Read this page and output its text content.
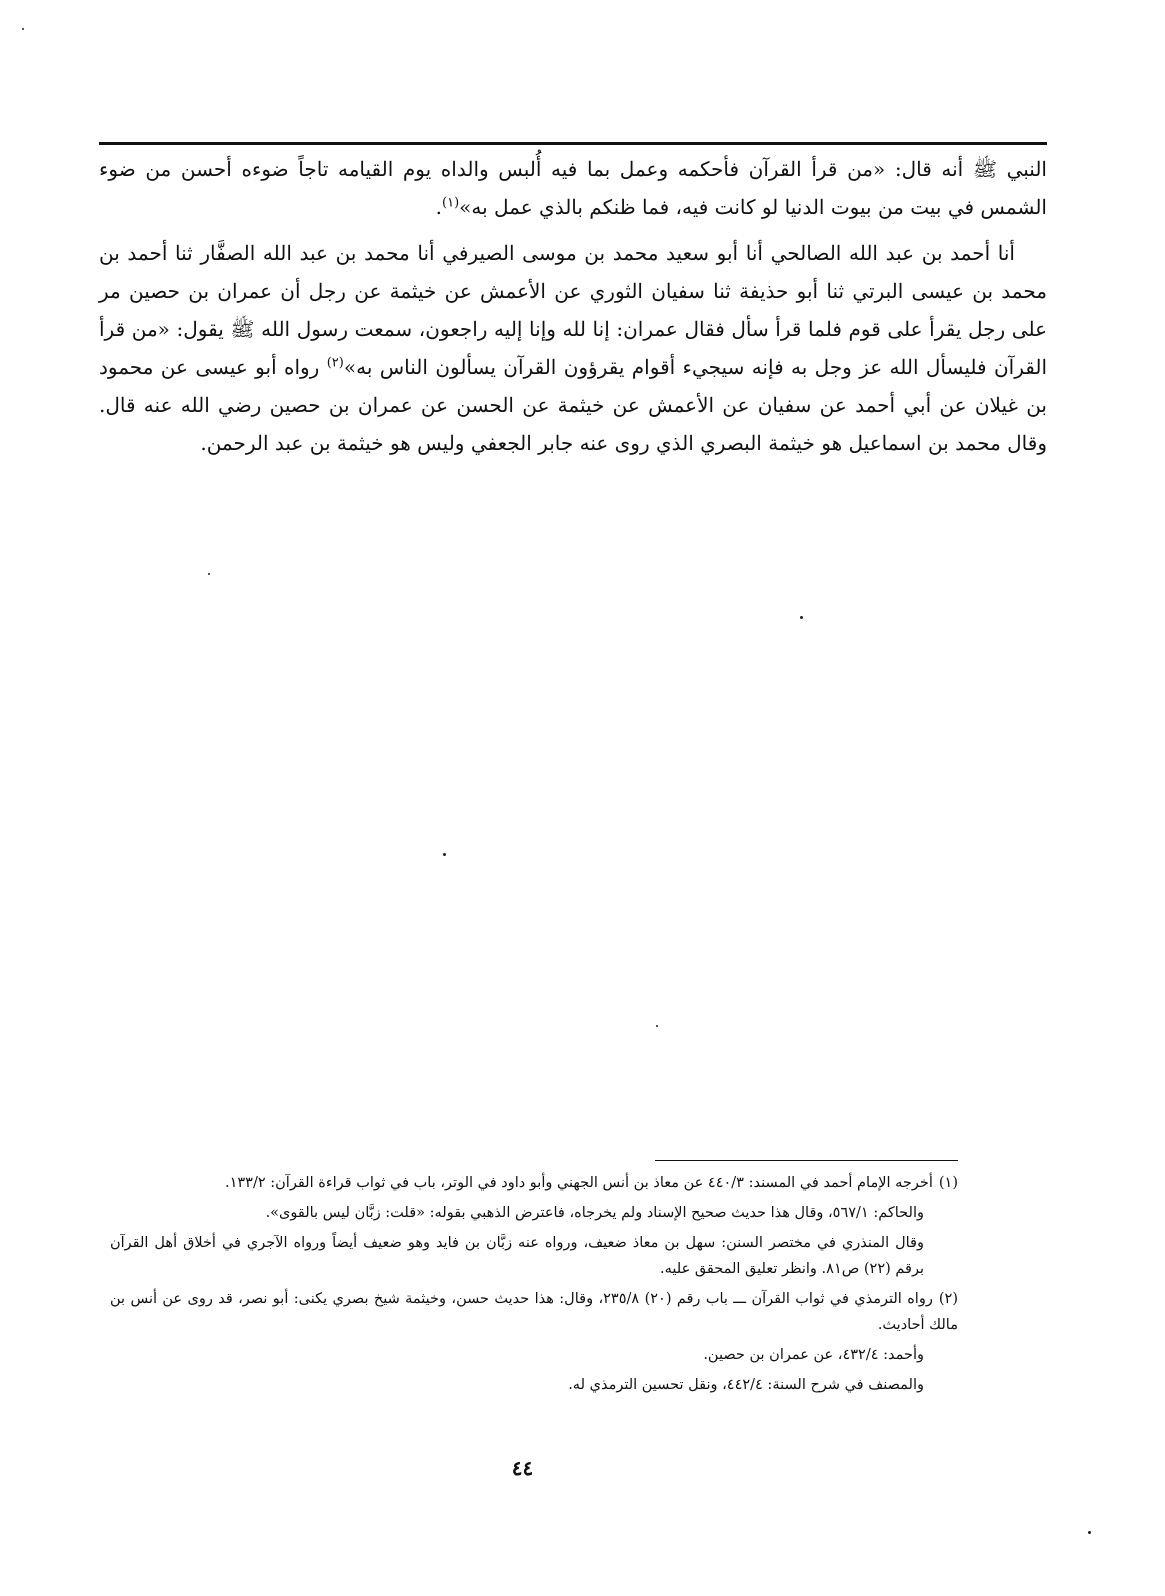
النبي ﷺ أنه قال: «من قرأ القرآن فأحكمه وعمل بما فيه أُلبس والداه يوم القيامه تاجاً ضوءه أحسن من ضوء الشمس في بيت من بيوت الدنيا لو كانت فيه، فما ظنكم بالذي عمل به»$^{(١)}$.

أنا أحمد بن عبد الله الصالحي أنا أبو سعيد محمد بن موسى الصيرفي أنا محمد بن عبد الله الصفَّار ثنا أحمد بن محمد بن عيسى البرتي ثنا أبو حذيفة ثنا سفيان الثوري عن الأعمش عن خيثمة عن رجل أن عمران بن حصين مر على رجل يقرأ على قوم فلما قرأ سأل فقال عمران: إنا لله وإنا إليه راجعون، سمعت رسول الله ﷺ يقول: «من قرأ القرآن فليسأل الله عز وجل به فإنه سيجيء أقوام يقرؤون القرآن يسألون الناس به»$^{(٢)}$ رواه أبو عيسى عن محمود بن غيلان عن أبي أحمد عن سفيان عن الأعمش عن خيثمة عن الحسن عن عمران بن حصين رضي الله عنه قال. وقال محمد بن اسماعيل هو خيثمة البصري الذي روى عنه جابر الجعفي وليس هو خيثمة بن عبد الرحمن.

(١)أخرجه الإمام أحمد في المسند: ٤٤٠/٣ عن معاذ بن أنس الجهني وأبو داود في الوتر، باب في ثواب قراءة القرآن: ١٣٣/٢.
والحاكم: ٥٦٧/١، وقال هذا حديث صحيح الإسناد ولم يخرجاه، فاعترض الذهبي بقوله: «قلت: زبَّان ليس بالقوى».
وقال المنذري في مختصر السنن: سهل بن معاذ ضعيف، ورواه عنه زبَّان بن فايد وهو ضعيف أيضاً ورواه الآجري في أخلاق أهل القرآن برقم (٢٢) ص٨١. وانظر تعليق المحقق عليه.
(٢)رواه الترمذي في ثواب القرآن ـــ باب رقم (٢٠) ٢٣٥/٨، وقال: هذا حديث حسن، وخيثمة شيخ بصري يكنى: أبو نصر، قد روى عن أنس بن مالك أحاديث.
وأحمد: ٤٣٢/٤، عن عمران بن حصين.
والمصنف في شرح السنة: ٤٤٢/٤، ونقل تحسين الترمذي له.
٤٤
